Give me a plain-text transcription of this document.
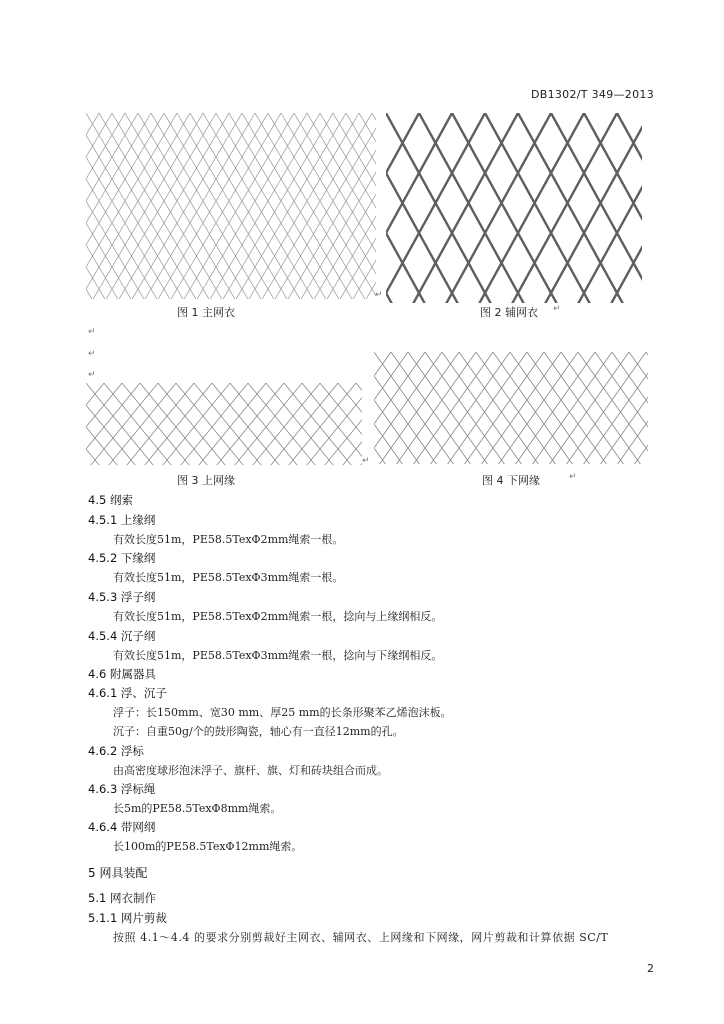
DB1302/T 349—2013
↵
图 1 主网衣	图 2 辅网衣 ↵
↵
↵
↵
↵
图 3 上网缘	图 4 下网缘	↵
4.5 纲索
4.5.1 上缘纲
有效长度51m，PE58.5TexΦ2mm绳索一根。
4.5.2 下缘纲
有效长度51m，PE58.5TexΦ3mm绳索一根。
4.5.3 浮子纲
有效长度51m，PE58.5TexΦ2mm绳索一根，捻向与上缘纲相反。
4.5.4 沉子纲
有效长度51m，PE58.5TexΦ3mm绳索一根，捻向与下缘纲相反。
4.6 附属器具
4.6.1 浮、沉子
浮子：长150mm、宽30 mm、厚25 mm的长条形聚苯乙烯泡沫板。
沉子：自重50g/个的鼓形陶瓷，轴心有一直径12mm的孔。
4.6.2 浮标
由高密度球形泡沫浮子、旗杆、旗、灯和砖块组合而成。
4.6.3 浮标绳
长5m的PE58.5TexΦ8mm绳索。
4.6.4 带网纲
长100m的PE58.5TexΦ12mm绳索。
5 网具装配
5.1 网衣制作
5.1.1 网片剪裁
按照 4.1～4.4 的要求分别剪裁好主网衣、辅网衣、上网缘和下网缘，网片剪裁和计算依据 SC/T
2
